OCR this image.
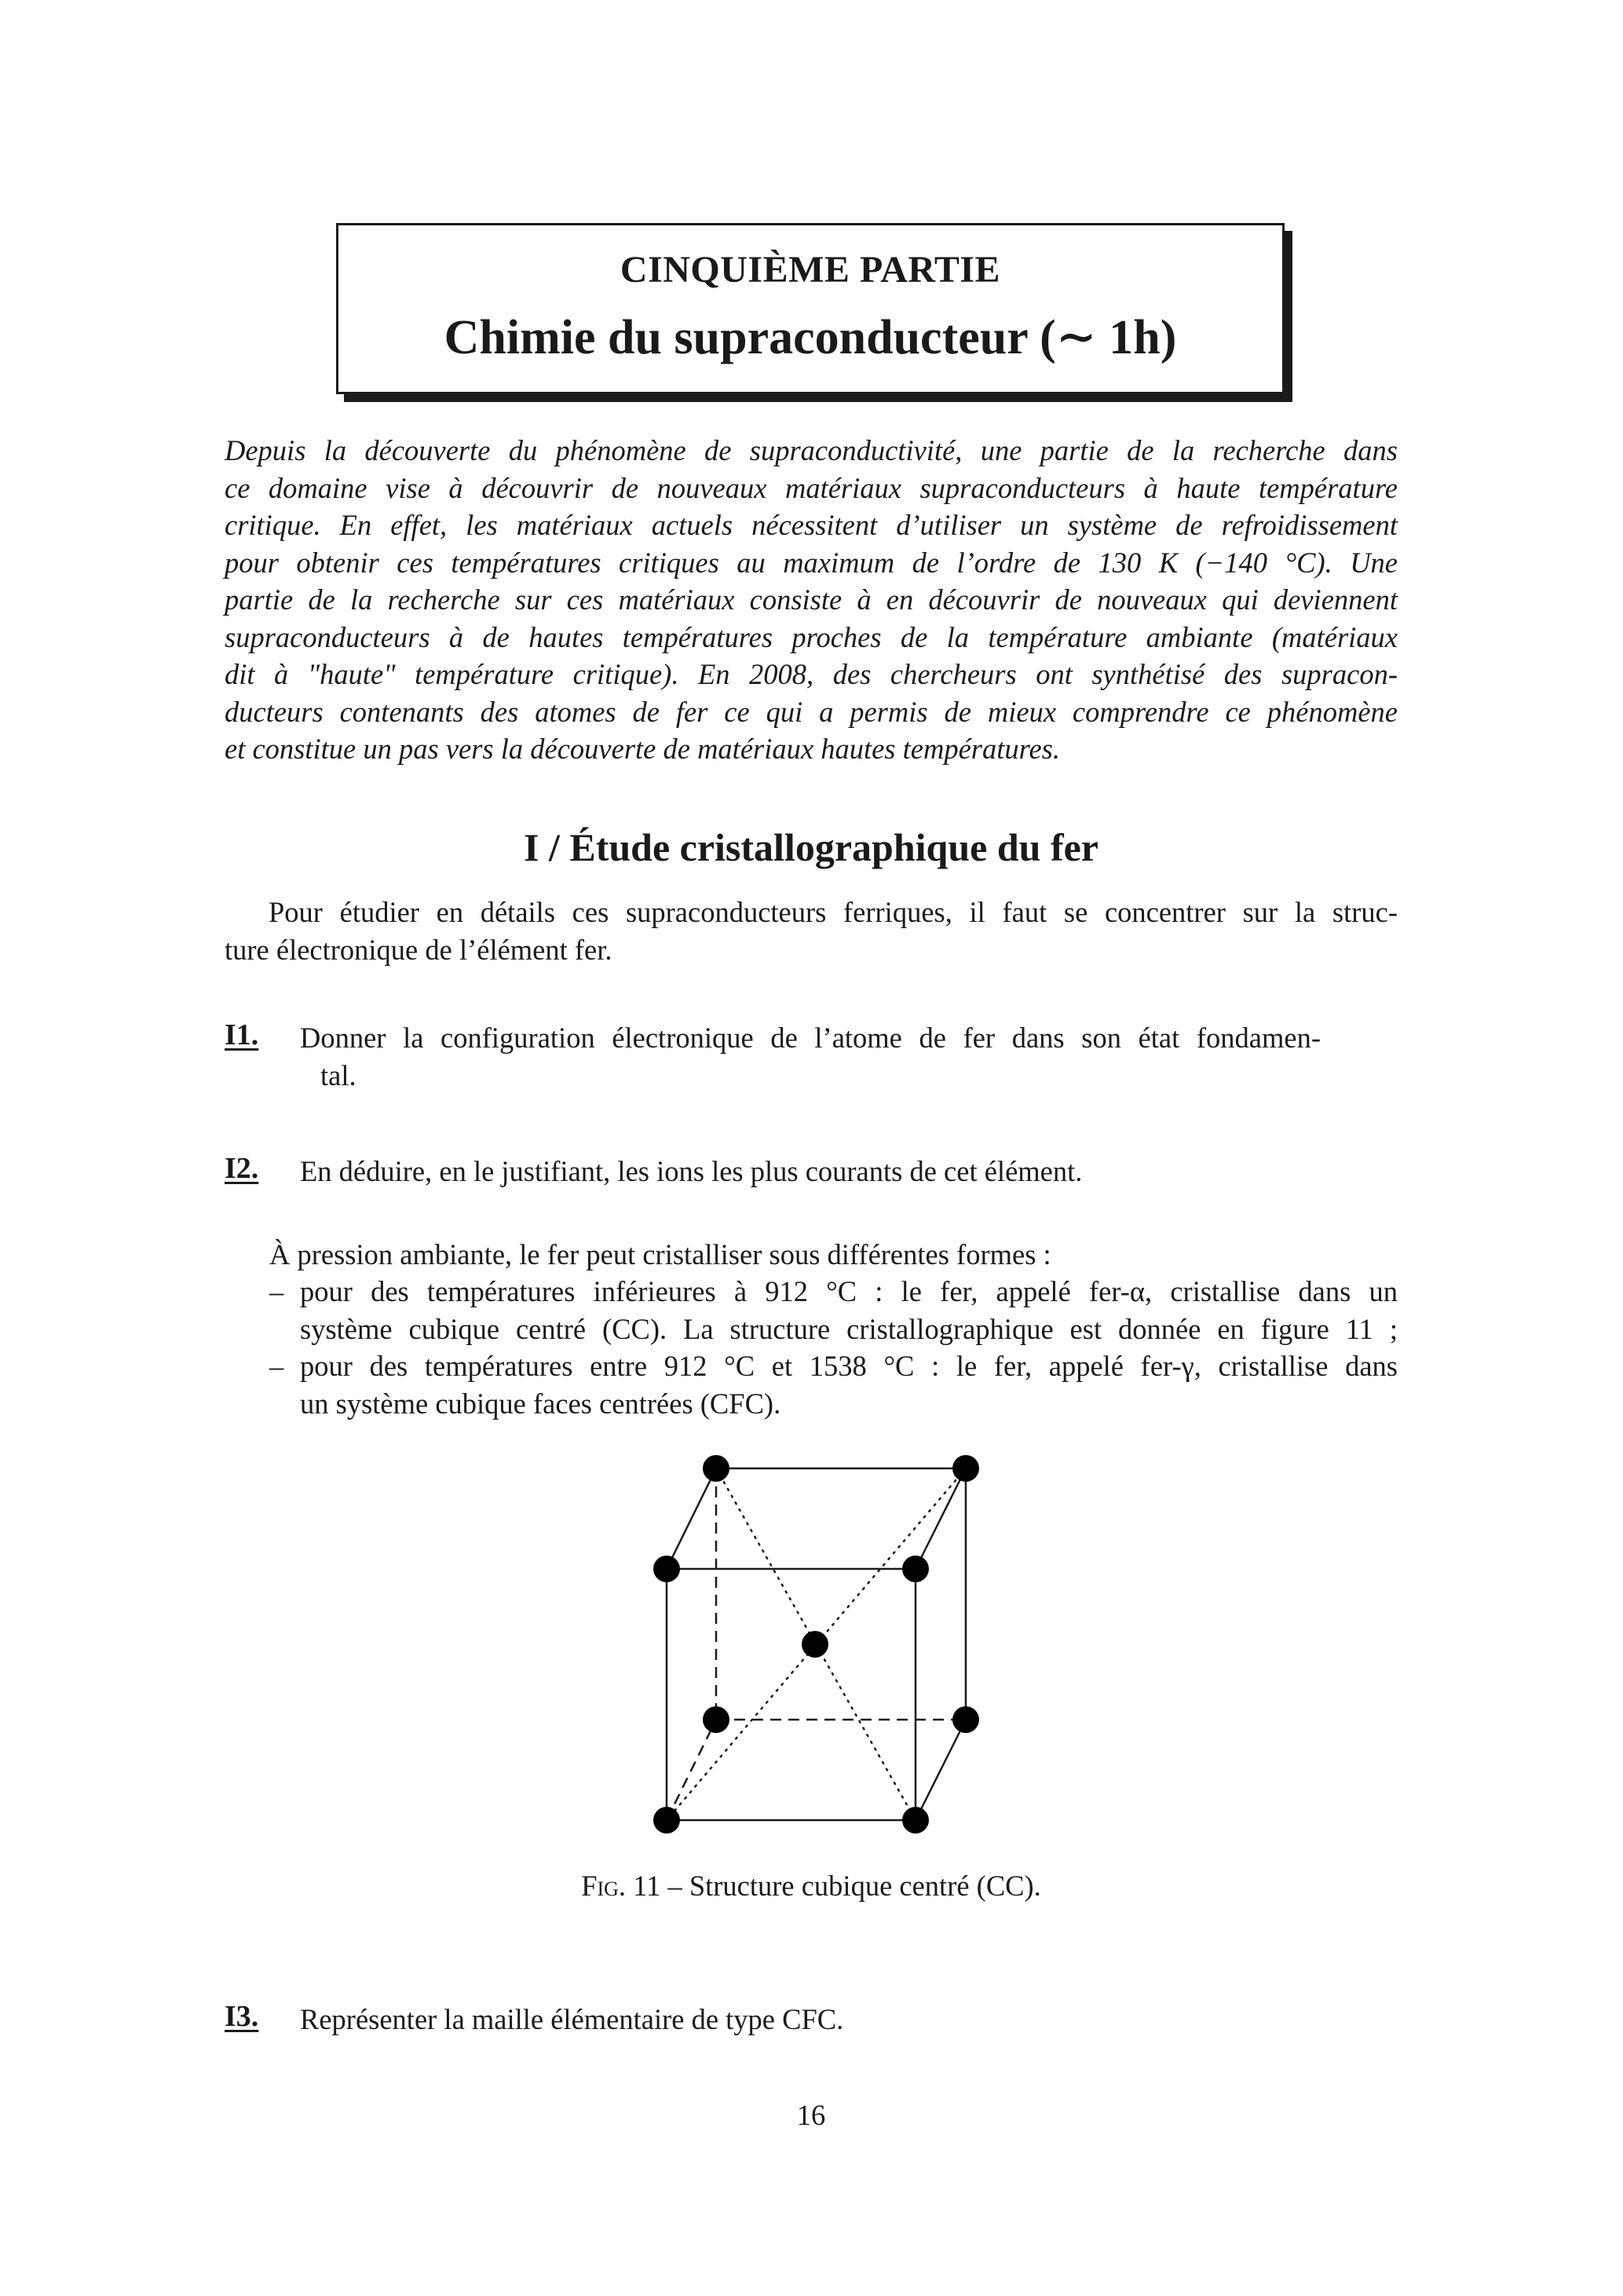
CINQUIÈME PARTIE
Chimie du supraconducteur (∼ 1h)
Depuis la découverte du phénomène de supraconductivité, une partie de la recherche dans
ce domaine vise à découvrir de nouveaux matériaux supraconducteurs à haute température
critique. En effet, les matériaux actuels nécessitent d’utiliser un système de refroidissement
pour obtenir ces températures critiques au maximum de l’ordre de 130 K (−140 °C). Une
partie de la recherche sur ces matériaux consiste à en découvrir de nouveaux qui deviennent
supraconducteurs à de hautes températures proches de la température ambiante (matériaux
dit à "haute" température critique). En 2008, des chercheurs ont synthétisé des supracon-
ducteurs contenants des atomes de fer ce qui a permis de mieux comprendre ce phénomène
et constitue un pas vers la découverte de matériaux hautes températures.
I / Étude cristallographique du fer
Pour étudier en détails ces supraconducteurs ferriques, il faut se concentrer sur la struc-
ture électronique de l’élément fer.
I1. Donner la configuration électronique de l’atome de fer dans son état fondamen-
tal.
I2. En déduire, en le justifiant, les ions les plus courants de cet élément.
À pression ambiante, le fer peut cristalliser sous différentes formes :
– pour des températures inférieures à 912 °C : le fer, appelé fer-α, cristallise dans un
système cubique centré (CC). La structure cristallographique est donnée en figure 11 ;
– pour des températures entre 912 °C et 1538 °C : le fer, appelé fer-γ, cristallise dans
un système cubique faces centrées (CFC).
Fig. 11 – Structure cubique centré (CC).
I3. Représenter la maille élémentaire de type CFC.
16
